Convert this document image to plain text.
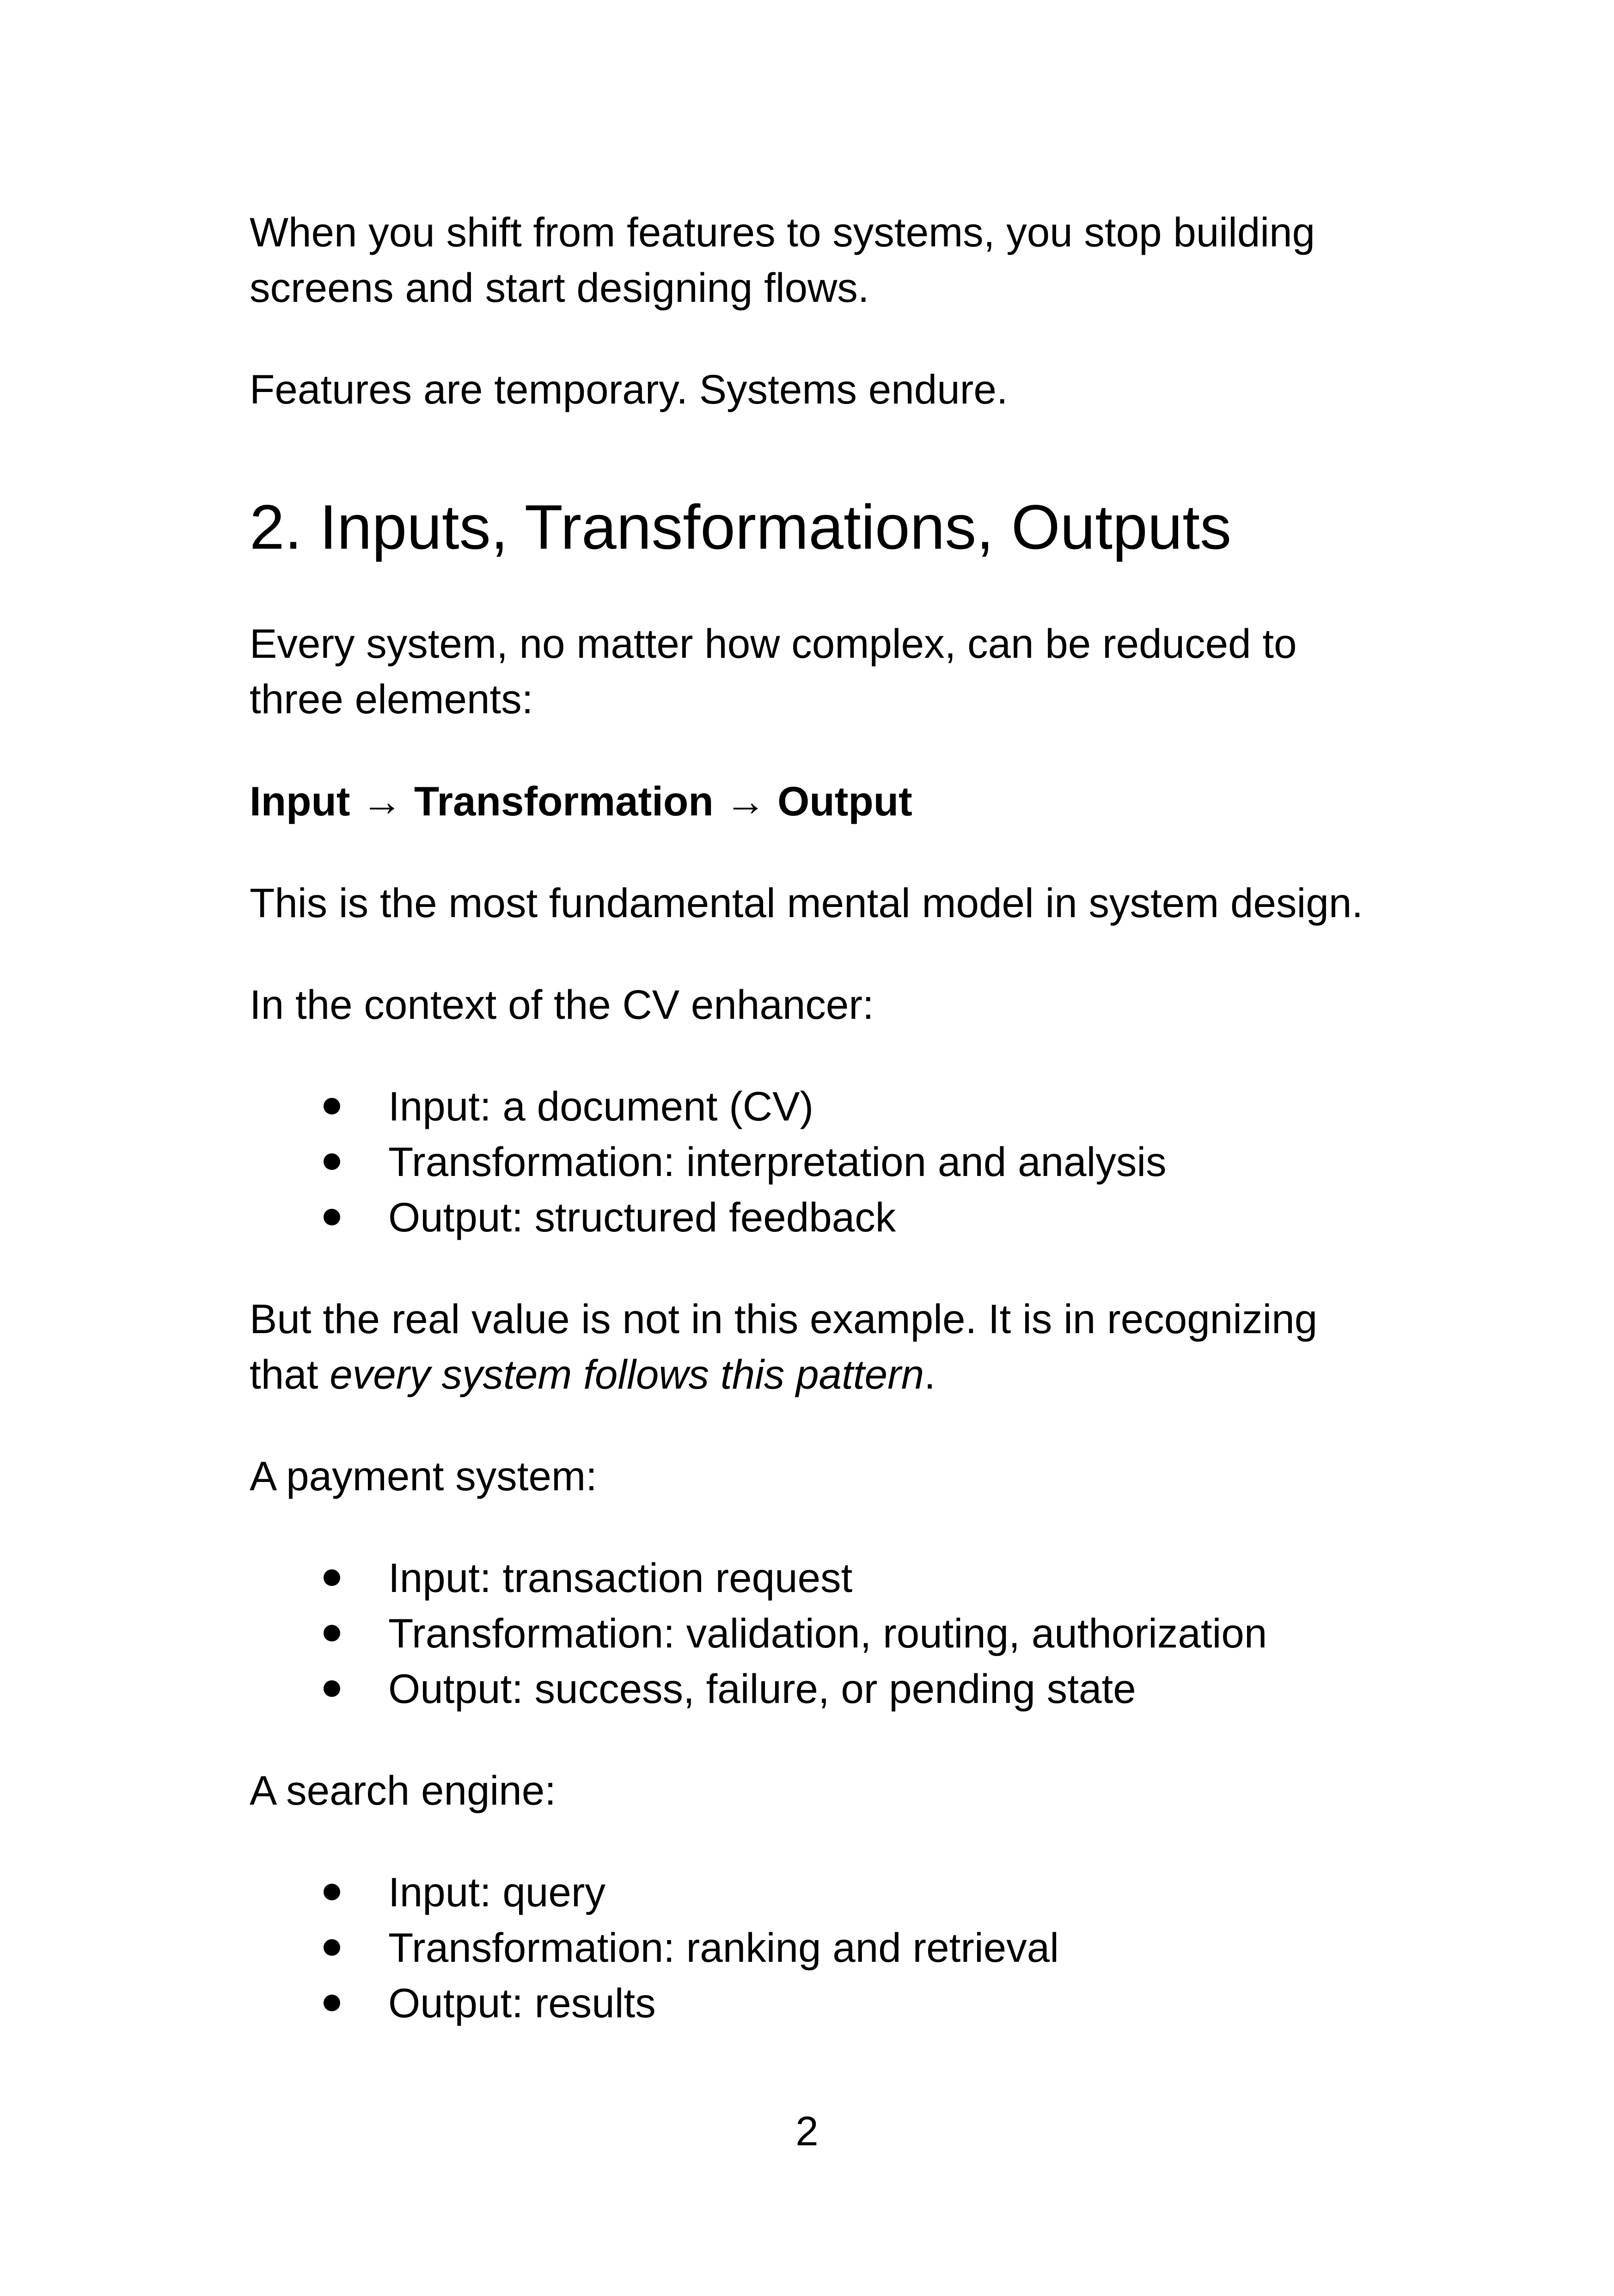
When you shift from features to systems, you stop building
screens and start designing flows.
Features are temporary. Systems endure.
2. Inputs, Transformations, Outputs
Every system, no matter how complex, can be reduced to
three elements:
Input → Transformation → Output
This is the most fundamental mental model in system design.
In the context of the CV enhancer:
Input: a document (CV)
Transformation: interpretation and analysis
Output: structured feedback
But the real value is not in this example. It is in recognizing
that every system follows this pattern.
A payment system:
Input: transaction request
Transformation: validation, routing, authorization
Output: success, failure, or pending state
A search engine:
Input: query
Transformation: ranking and retrieval
Output: results
2
